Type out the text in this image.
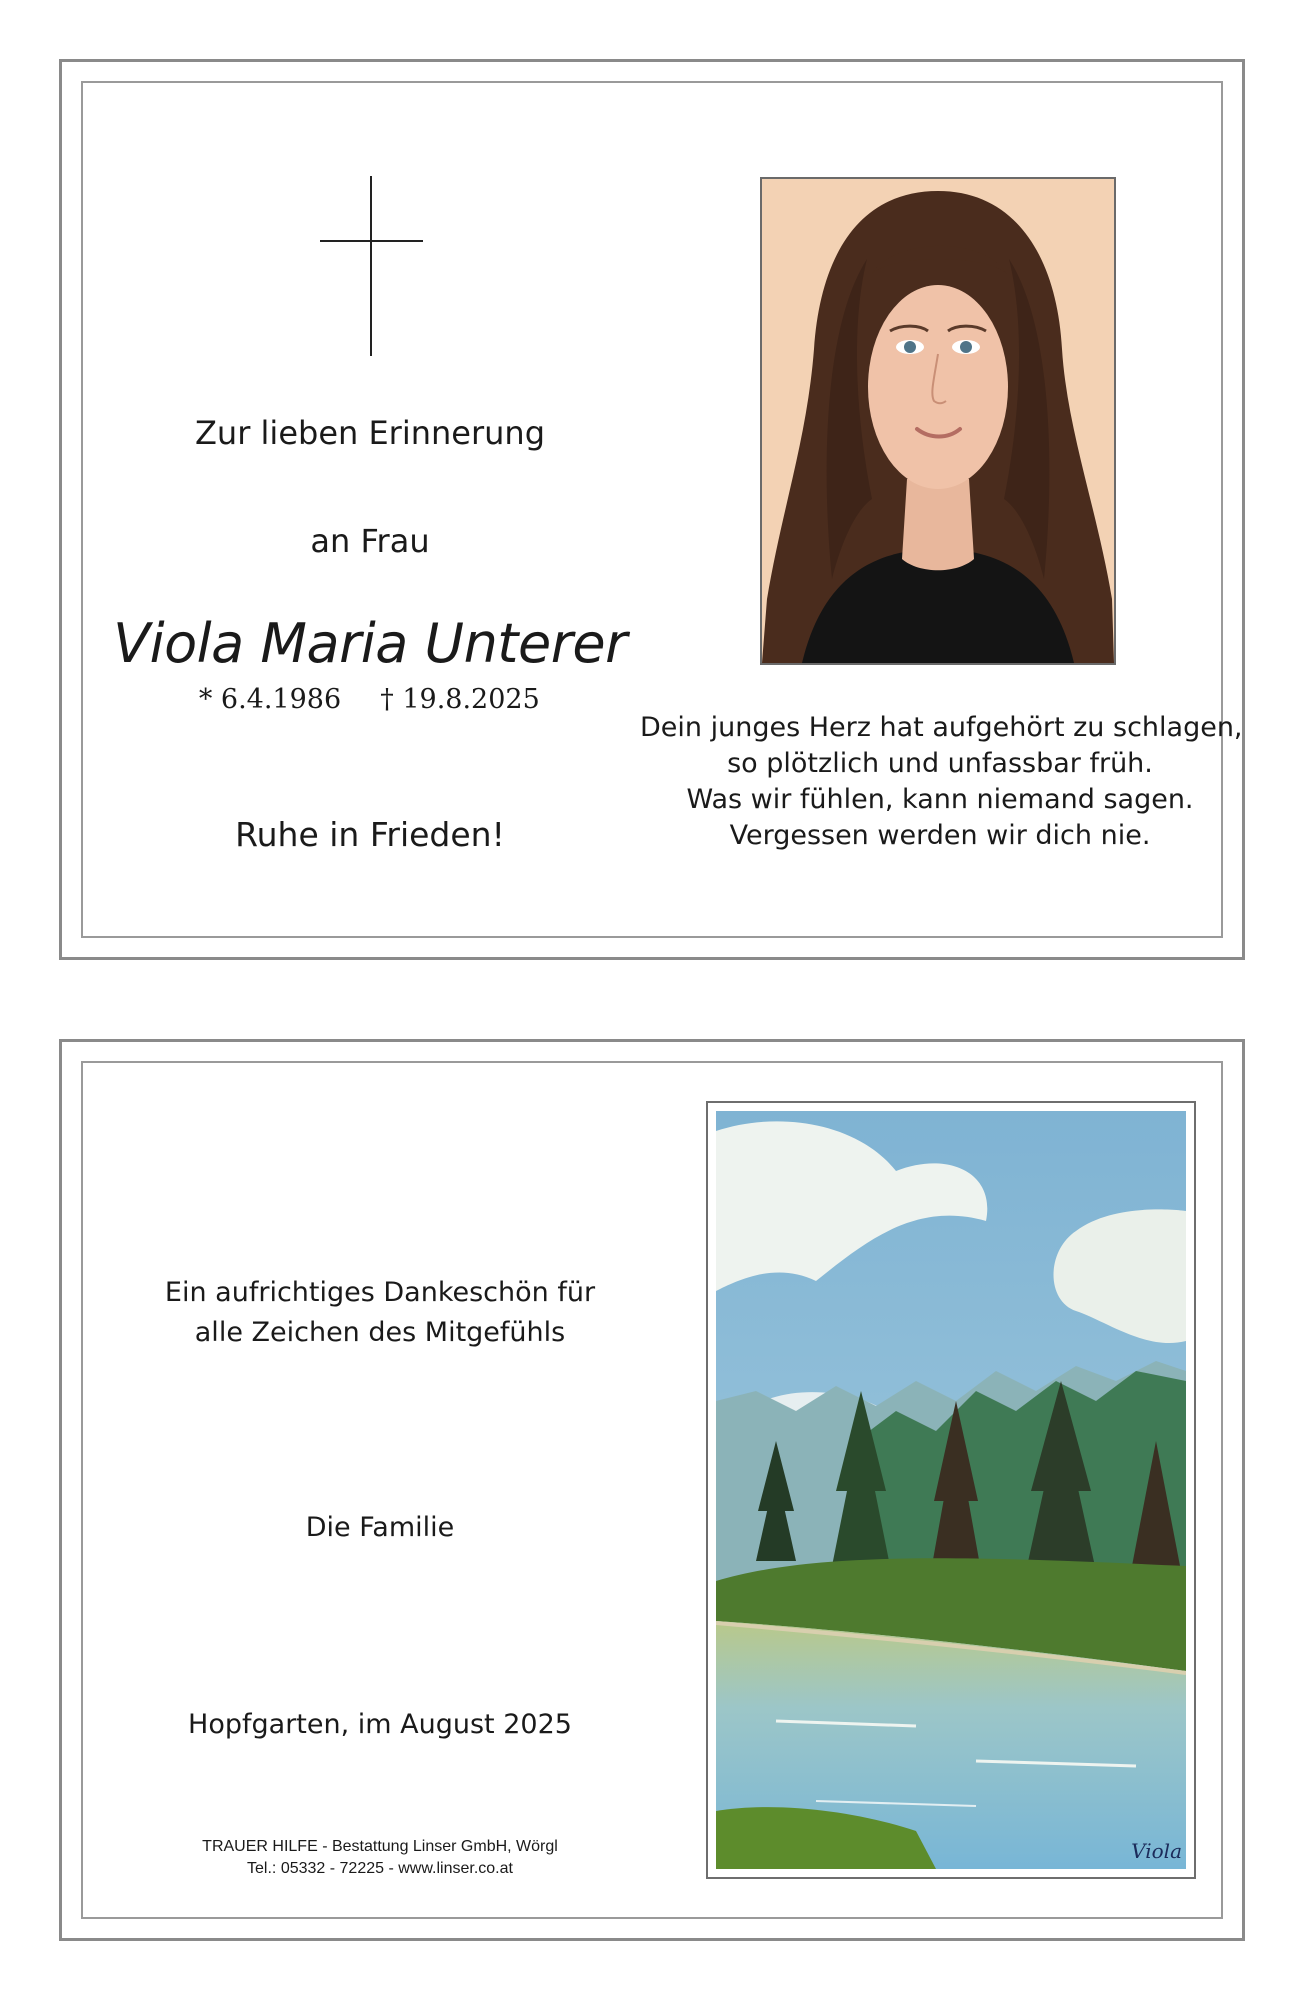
Zur lieben Erinnerung
an Frau
Viola Maria Unterer
* 6.4.1986	† 19.8.2025
Ruhe in Frieden!
Dein junges Herz hat aufgehört zu schlagen,
so plötzlich und unfassbar früh.
Was wir fühlen, kann niemand sagen.
Vergessen werden wir dich nie.
Ein aufrichtiges Dankeschön für
alle Zeichen des Mitgefühls
Die Familie
Hopfgarten, im August 2025
TRAUER HILFE - Bestattung Linser GmbH, Wörgl
Tel.: 05332 - 72225 - www.linser.co.at
Viola
